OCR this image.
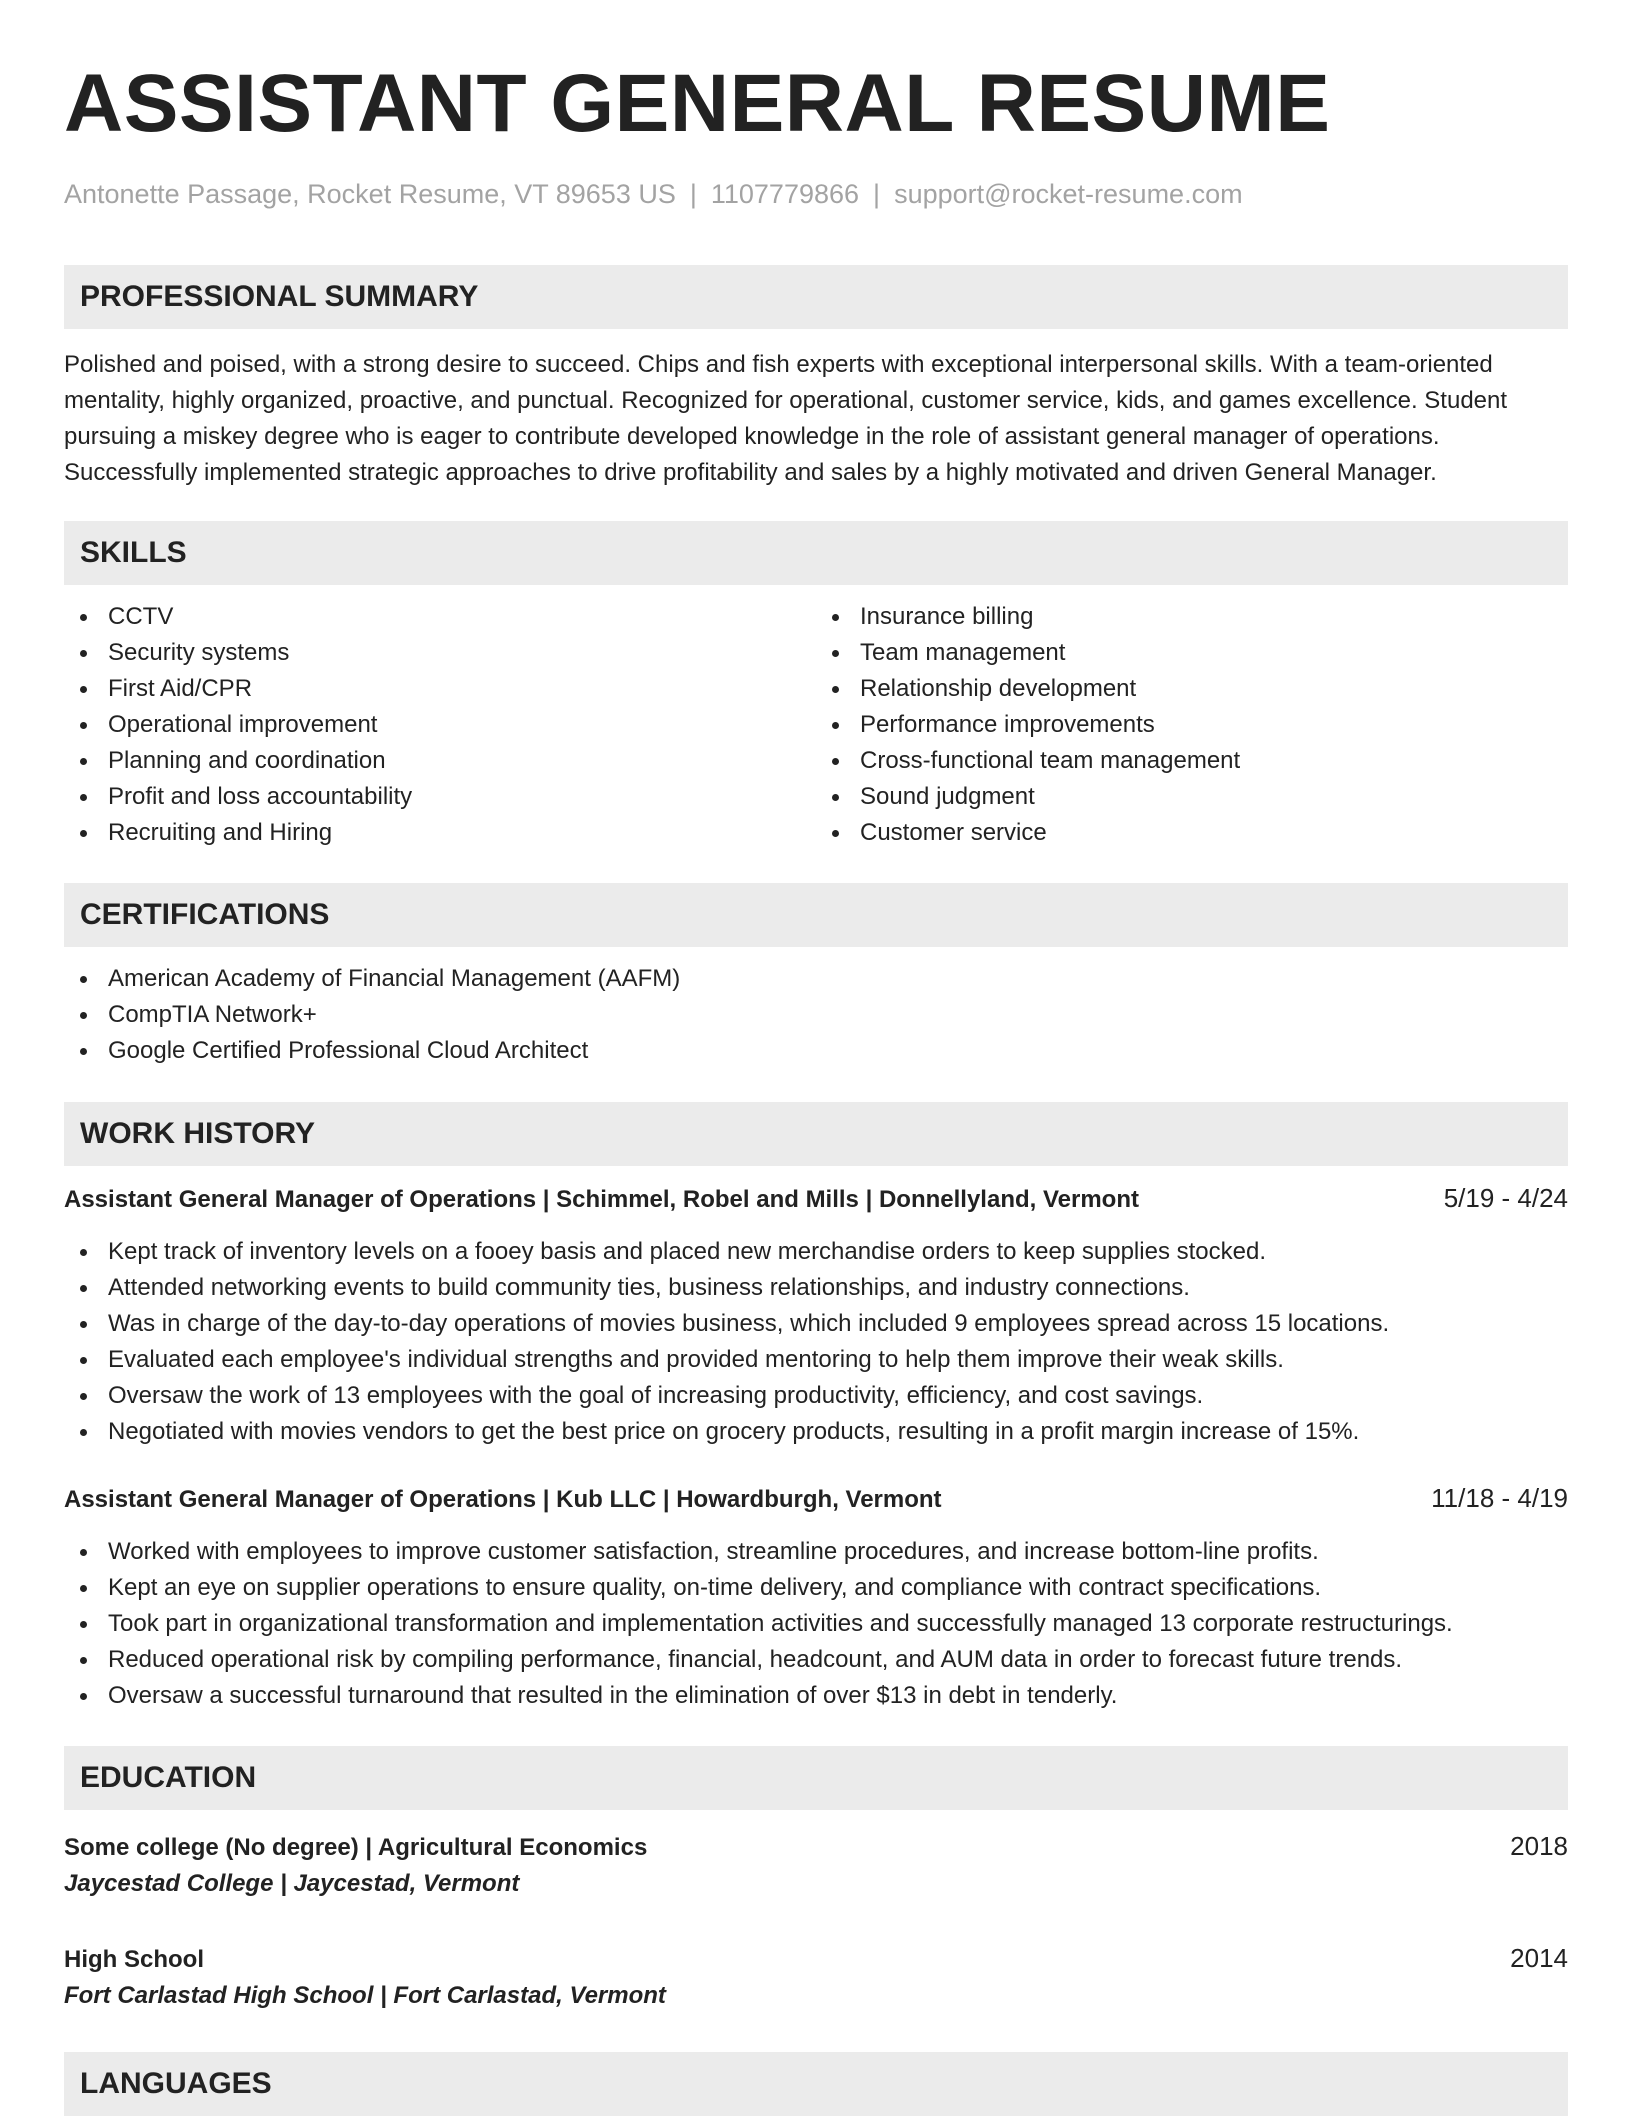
ASSISTANT GENERAL RESUME
Antonette Passage, Rocket Resume, VT 89653 US | 1107779866 | support@rocket-resume.com
PROFESSIONAL SUMMARY

Polished and poised, with a strong desire to succeed. Chips and fish experts with exceptional interpersonal skills. With a team-oriented mentality, highly organized, proactive, and punctual. Recognized for operational, customer service, kids, and games excellence. Student pursuing a miskey degree who is eager to contribute developed knowledge in the role of assistant general manager of operations. Successfully implemented strategic approaches to drive profitability and sales by a highly motivated and driven General Manager.

SKILLS
CCTV
Security systems
First Aid/CPR
Operational improvement
Planning and coordination
Profit and loss accountability
Recruiting and Hiring
Insurance billing
Team management
Relationship development
Performance improvements
Cross-functional team management
Sound judgment
Customer service
CERTIFICATIONS
American Academy of Financial Management (AAFM)
CompTIA Network+
Google Certified Professional Cloud Architect
WORK HISTORY
Assistant General Manager of Operations | Schimmel, Robel and Mills | Donnellyland, Vermont	5/19 - 4/24
Kept track of inventory levels on a fooey basis and placed new merchandise orders to keep supplies stocked.
Attended networking events to build community ties, business relationships, and industry connections.
Was in charge of the day-to-day operations of movies business, which included 9 employees spread across 15 locations.
Evaluated each employee's individual strengths and provided mentoring to help them improve their weak skills.
Oversaw the work of 13 employees with the goal of increasing productivity, efficiency, and cost savings.
Negotiated with movies vendors to get the best price on grocery products, resulting in a profit margin increase of 15%.
Assistant General Manager of Operations | Kub LLC | Howardburgh, Vermont	11/18 - 4/19
Worked with employees to improve customer satisfaction, streamline procedures, and increase bottom-line profits.
Kept an eye on supplier operations to ensure quality, on-time delivery, and compliance with contract specifications.
Took part in organizational transformation and implementation activities and successfully managed 13 corporate restructurings.
Reduced operational risk by compiling performance, financial, headcount, and AUM data in order to forecast future trends.
Oversaw a successful turnaround that resulted in the elimination of over $13 in debt in tenderly.
EDUCATION
Some college (No degree) | Agricultural Economics	2018
Jaycestad College | Jaycestad, Vermont
High School	2014
Fort Carlastad High School | Fort Carlastad, Vermont
LANGUAGES
